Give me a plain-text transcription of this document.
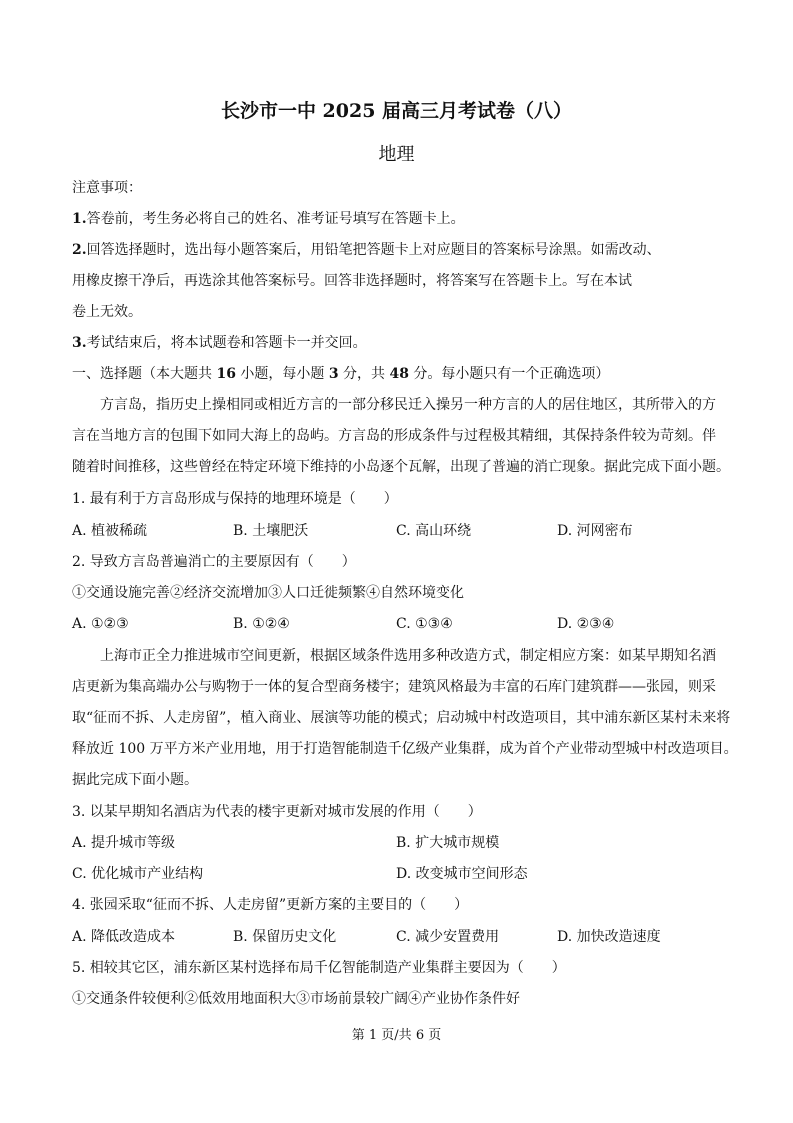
长沙市一中 2025 届高三月考试卷（八）
地理
注意事项：
1.答卷前，考生务必将自己的姓名、准考证号填写在答题卡上。
2.回答选择题时，选出每小题答案后，用铅笔把答题卡上对应题目的答案标号涂黑。如需改动、
用橡皮擦干净后，再选涂其他答案标号。回答非选择题时，将答案写在答题卡上。写在本试
卷上无效。
3.考试结束后，将本试题卷和答题卡一并交回。
一、选择题（本大题共 16 小题，每小题 3 分，共 48 分。每小题只有一个正确选项）
方言岛，指历史上操相同或相近方言的一部分移民迁入操另一种方言的人的居住地区，其所带入的方
言在当地方言的包围下如同大海上的岛屿。方言岛的形成条件与过程极其精细，其保持条件较为苛刻。伴
随着时间推移，这些曾经在特定环境下维持的小岛逐个瓦解，出现了普遍的消亡现象。据此完成下面小题。
1. 最有利于方言岛形成与保持的地理环境是（　　）
A. 植被稀疏	B. 土壤肥沃	C. 高山环绕	D. 河网密布
2. 导致方言岛普遍消亡的主要原因有（　　）
①交通设施完善②经济交流增加③人口迁徙频繁④自然环境变化
A. ①②③	B. ①②④	C. ①③④	D. ②③④
上海市正全力推进城市空间更新，根据区域条件选用多种改造方式，制定相应方案：如某早期知名酒
店更新为集高端办公与购物于一体的复合型商务楼宇；建筑风格最为丰富的石库门建筑群——张园，则采
取“征而不拆、人走房留”，植入商业、展演等功能的模式；启动城中村改造项目，其中浦东新区某村未来将
释放近 100 万平方米产业用地，用于打造智能制造千亿级产业集群，成为首个产业带动型城中村改造项目。
据此完成下面小题。
3. 以某早期知名酒店为代表的楼宇更新对城市发展的作用（　　）
A. 提升城市等级	B. 扩大城市规模
C. 优化城市产业结构	D. 改变城市空间形态
4. 张园采取“征而不拆、人走房留”更新方案的主要目的（　　）
A. 降低改造成本	B. 保留历史文化	C. 减少安置费用	D. 加快改造速度
5. 相较其它区，浦东新区某村选择布局千亿智能制造产业集群主要因为（　　）
①交通条件较便利②低效用地面积大③市场前景较广阔④产业协作条件好
第 1 页/共 6 页
